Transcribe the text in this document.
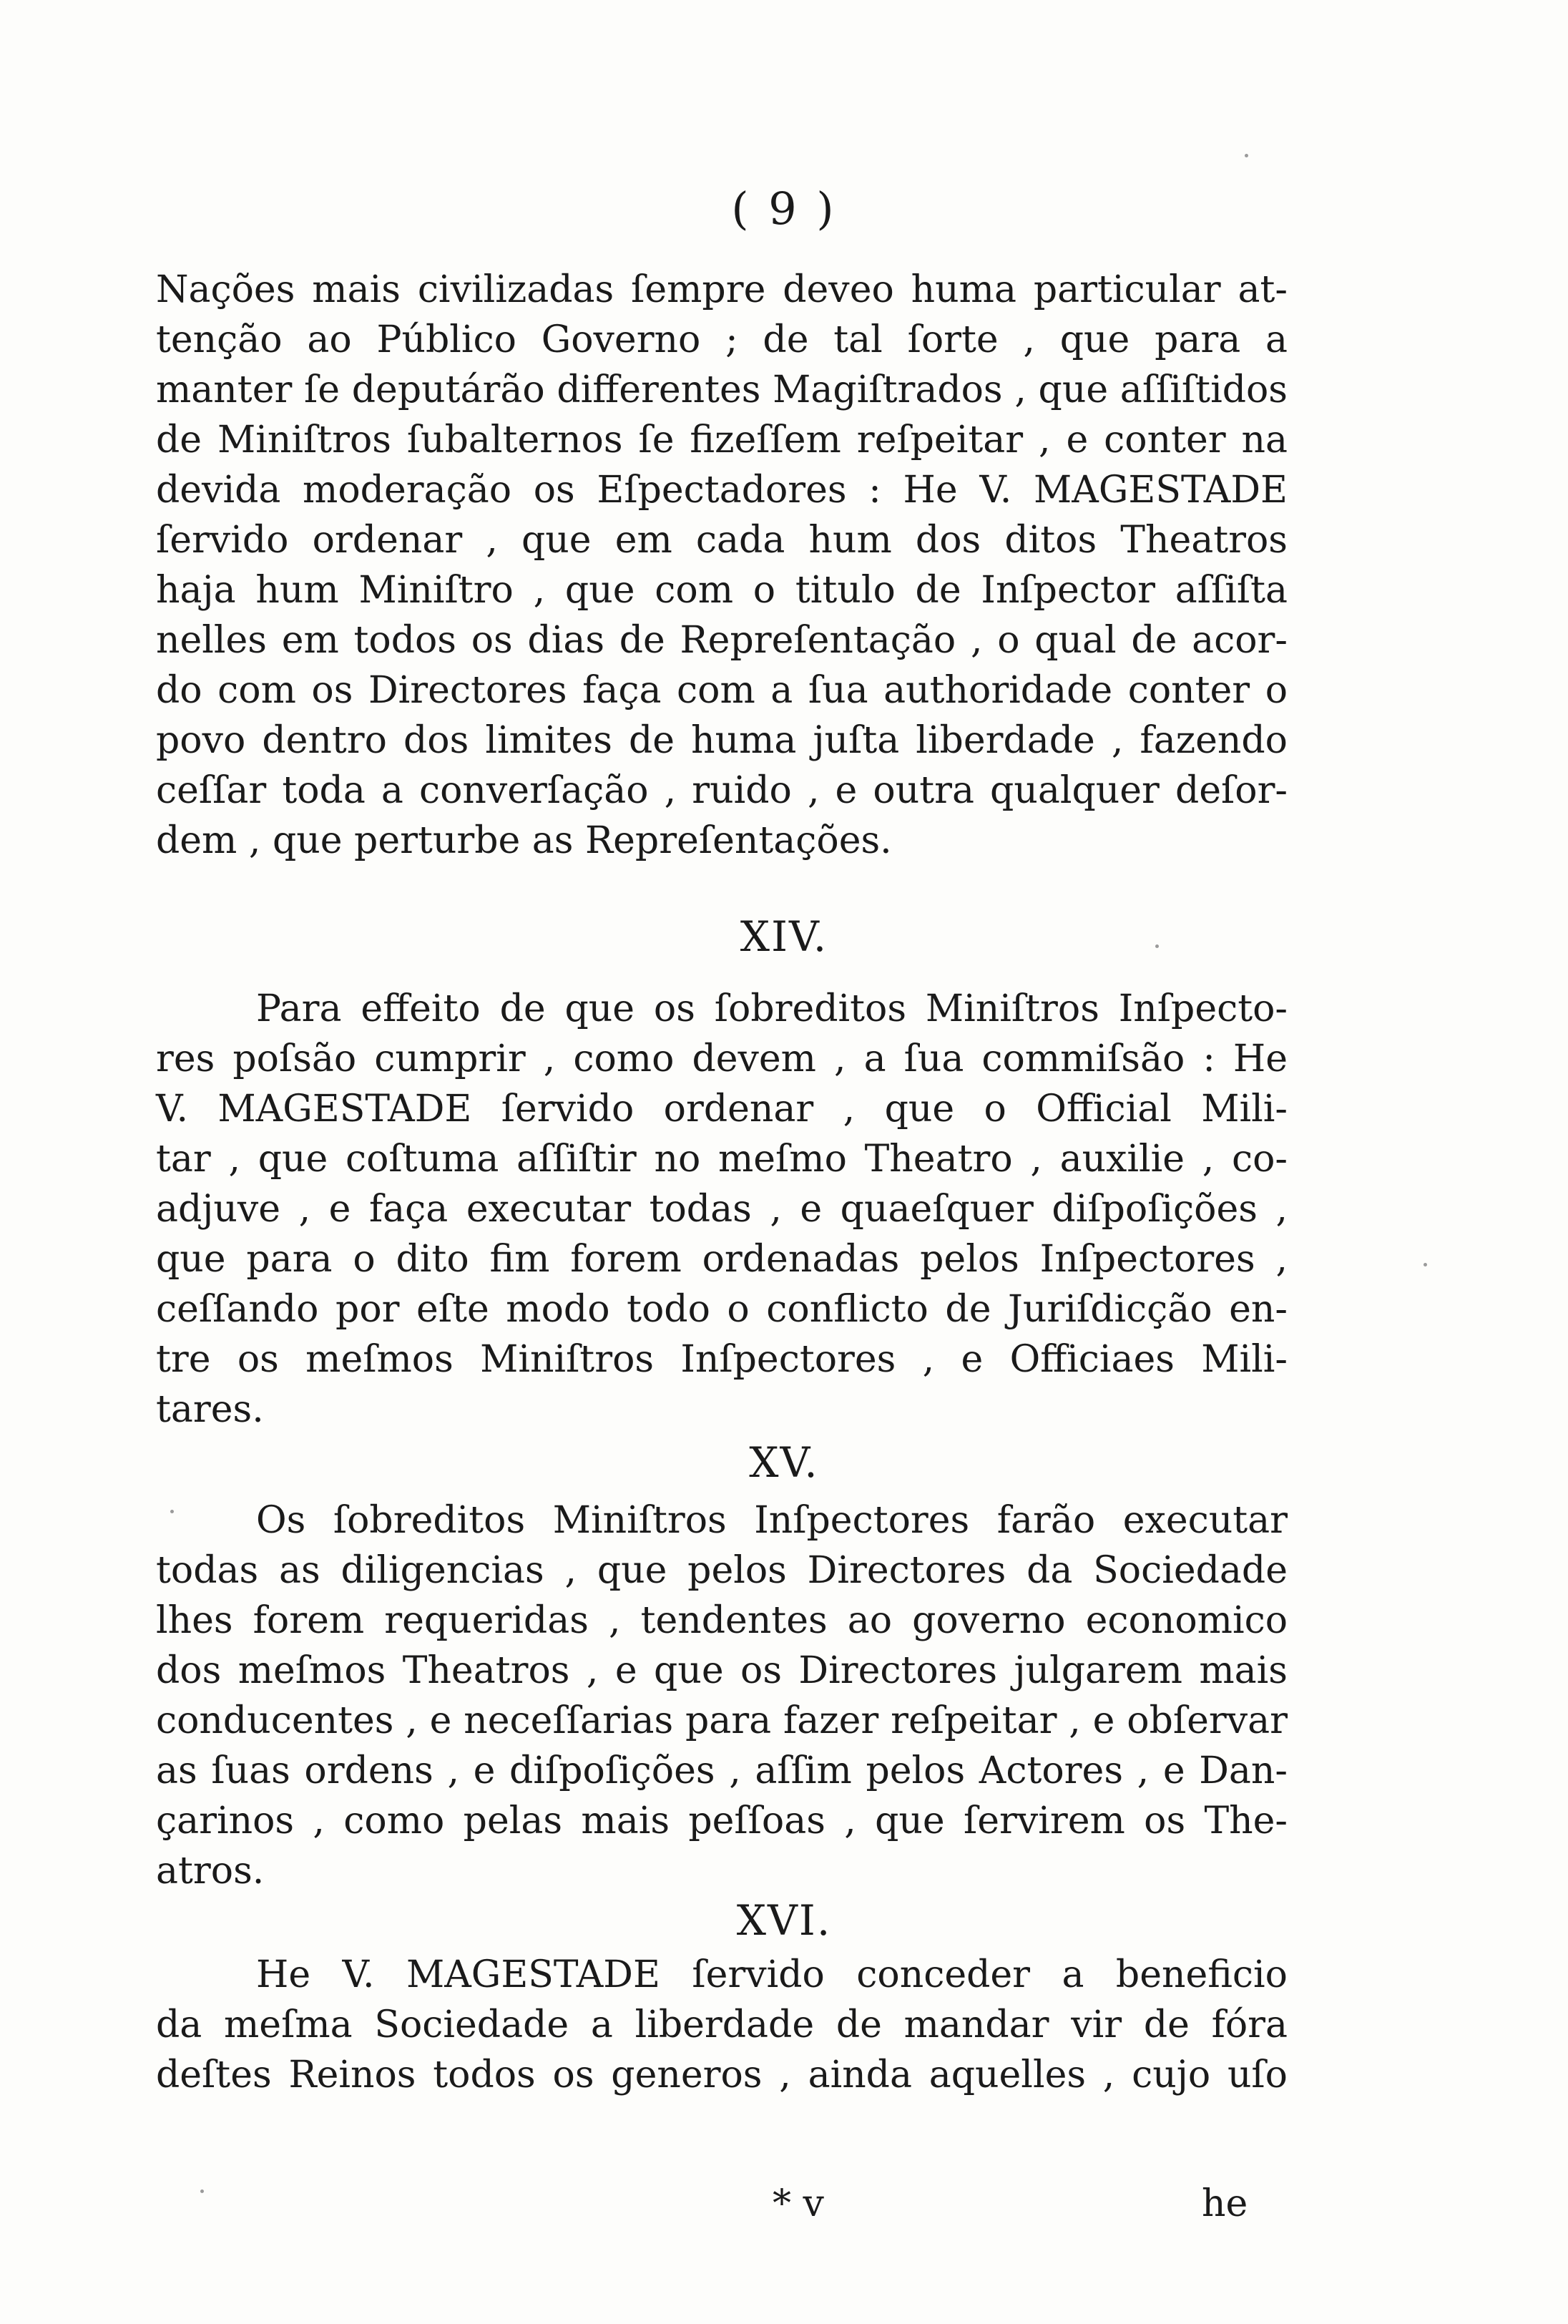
( 9 )
Nações mais civilizadas ſempre deveo huma particular at-
tenção ao Público Governo ; de tal ſorte , que para a
manter ſe deputárão differentes Magiſtrados , que aſſiſtidos
de Miniſtros ſubalternos ſe fizeſſem reſpeitar , e conter na
devida moderação os Eſpectadores : He V. MAGESTADE
ſervido ordenar , que em cada hum dos ditos Theatros
haja hum Miniſtro , que com o titulo de Inſpector aſſiſta
nelles em todos os dias de Repreſentação , o qual de acor-
do com os Directores faça com a ſua authoridade conter o
povo dentro dos limites de huma juſta liberdade , fazendo
ceſſar toda a converſação , ruido , e outra qualquer deſor-
dem , que perturbe as Repreſentações.
XIV.
Para effeito de que os ſobreditos Miniſtros Inſpecto-
res poſsão cumprir , como devem , a ſua commiſsão : He
V. MAGESTADE ſervido ordenar , que o Official Mili-
tar , que coſtuma aſſiſtir no meſmo Theatro , auxilie , co-
adjuve , e faça executar todas , e quaeſquer diſpoſições ,
que para o dito fim forem ordenadas pelos Inſpectores ,
ceſſando por eſte modo todo o conflicto de Juriſdicção en-
tre os meſmos Miniſtros Inſpectores , e Officiaes Mili-
tares.
XV.
Os ſobreditos Miniſtros Inſpectores farão executar
todas as diligencias , que pelos Directores da Sociedade
lhes forem requeridas , tendentes ao governo economico
dos meſmos Theatros , e que os Directores julgarem mais
conducentes , e neceſſarias para fazer reſpeitar , e obſervar
as ſuas ordens , e diſpoſições , aſſim pelos Actores , e Dan-
çarinos , como pelas mais peſſoas , que ſervirem os The-
atros.
XVI.
He V. MAGESTADE ſervido conceder a beneficio
da meſma Sociedade a liberdade de mandar vir de fóra
deſtes Reinos todos os generos , ainda aquelles , cujo uſo
* v	he
